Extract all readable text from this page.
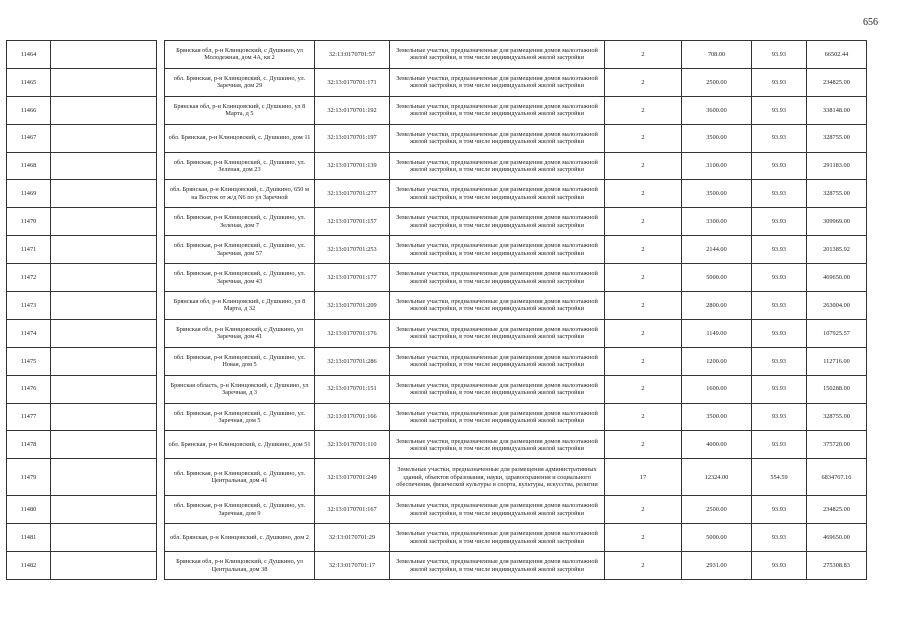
656
11464			Брянская обл, р-н Клинцовский, с Душкино, ул Молодежная, дом 4А, кв 2	32:13:0170701:57	Земельные участки, предназначенные для размещения домов малоэтажной жилой застройки, в том числе индивидуальной жилой застройки	2	708.00	93.93	66502.44
11465			обл. Брянская, р-н Клинцовский, с. Душкино, ул. Заречная, дом 29	32:13:0170701:171	Земельные участки, предназначенные для размещения домов малоэтажной жилой застройки, в том числе индивидуальной жилой застройки	2	2500.00	93.93	234825.00
11466			Брянская обл, р-н Клинцовский, с Душкино, ул 8 Марта, д 5	32:13:0170701:192	Земельные участки, предназначенные для размещения домов малоэтажной жилой застройки, в том числе индивидуальной жилой застройки	2	3600.00	93.93	338148.00
11467			обл. Брянская, р-н Клинцовский, с. Душкино, дом 11	32:13:0170701:197	Земельные участки, предназначенные для размещения домов малоэтажной жилой застройки, в том числе индивидуальной жилой застройки	2	3500.00	93.93	328755.00
11468			обл. Брянская, р-н Клинцовский, с. Душкино, ул. Зеленая, дом 23	32:13:0170701:139	Земельные участки, предназначенные для размещения домов малоэтажной жилой застройки, в том числе индивидуальной жилой застройки	2	3100.00	93.93	291183.00
11469			обл. Брянская, р-н Клинцовский, с. Душкино, 650 м на Восток от ж/д N6 по ул Заречной	32:13:0170701:277	Земельные участки, предназначенные для размещения домов малоэтажной жилой застройки, в том числе индивидуальной жилой застройки	2	3500.00	93.93	328755.00
11470			обл. Брянская, р-н Клинцовский, с. Душкино, ул. Зеленая, дом 7	32:13:0170701:157	Земельные участки, предназначенные для размещения домов малоэтажной жилой застройки, в том числе индивидуальной жилой застройки	2	3300.00	93.93	309969.00
11471			обл. Брянская, р-н Клинцовский, с. Душкино, ул. Заречная, дом 57	32:13:0170701:253	Земельные участки, предназначенные для размещения домов малоэтажной жилой застройки, в том числе индивидуальной жилой застройки	2	2144.00	93.93	201385.92
11472			обл. Брянская, р-н Клинцовский, с. Душкино, ул. Заречная, дом 43	32:13:0170701:177	Земельные участки, предназначенные для размещения домов малоэтажной жилой застройки, в том числе индивидуальной жилой застройки	2	5000.00	93.93	469650.00
11473			Брянская обл, р-н Клинцовский, с Душкино, ул 8 Марта, д 32	32:13:0170701:209	Земельные участки, предназначенные для размещения домов малоэтажной жилой застройки, в том числе индивидуальной жилой застройки	2	2800.00	93.93	263004.00
11474			Брянская обл, р-н Клинцовский, с Душкино, ул Заречная, дом 41	32:13:0170701:176	Земельные участки, предназначенные для размещения домов малоэтажной жилой застройки, в том числе индивидуальной жилой застройки	2	1149.00	93.93	107925.57
11475			обл. Брянская, р-н Клинцовский, с. Душкино, ул. Новая, дом 5	32:13:0170701:286	Земельные участки, предназначенные для размещения домов малоэтажной жилой застройки, в том числе индивидуальной жилой застройки	2	1200.00	93.93	112716.00
11476			Брянская область, р-н Клинцовский, с Душкино, ул Заречная, д 3	32:13:0170701:151	Земельные участки, предназначенные для размещения домов малоэтажной жилой застройки, в том числе индивидуальной жилой застройки	2	1600.00	93.93	150288.00
11477			обл. Брянская, р-н Клинцовский, с. Душкино, ул. Заречная, дом 5	32:13:0170701:166	Земельные участки, предназначенные для размещения домов малоэтажной жилой застройки, в том числе индивидуальной жилой застройки	2	3500.00	93.93	328755.00
11478			обл. Брянская, р-н Клинцовский, с. Душкино, дом 51	32:13:0170701:110	Земельные участки, предназначенные для размещения домов малоэтажной жилой застройки, в том числе индивидуальной жилой застройки	2	4000.00	93.93	375720.00
11479			обл. Брянская, р-н Клинцовский, с. Душкино, ул. Центральная, дом 41	32:13:0170701:249	Земельные участки, предназначенные для размещения административных зданий, объектов образования, науки, здравоохранения и социального обеспечения, физической культуры и спорта, культуры, искусства, религии	17	12324.00	554.59	6834767.16
11480			обл. Брянская, р-н Клинцовский, с. Душкино, ул. Заречная, дом 9	32:13:0170701:167	Земельные участки, предназначенные для размещения домов малоэтажной жилой застройки, в том числе индивидуальной жилой застройки	2	2500.00	93.93	234825.00
11481			обл. Брянская, р-н Клинцовский, с. Душкино, дом 2	32:13:0170701:29	Земельные участки, предназначенные для размещения домов малоэтажной жилой застройки, в том числе индивидуальной жилой застройки	2	5000.00	93.93	469650.00
11482			Брянская обл, р-н Клинцовский, с Душкино, ул Центральная, дом 38	32:13:0170701:17	Земельные участки, предназначенные для размещения домов малоэтажной жилой застройки, в том числе индивидуальной жилой застройки	2	2931.00	93.93	275308.83
